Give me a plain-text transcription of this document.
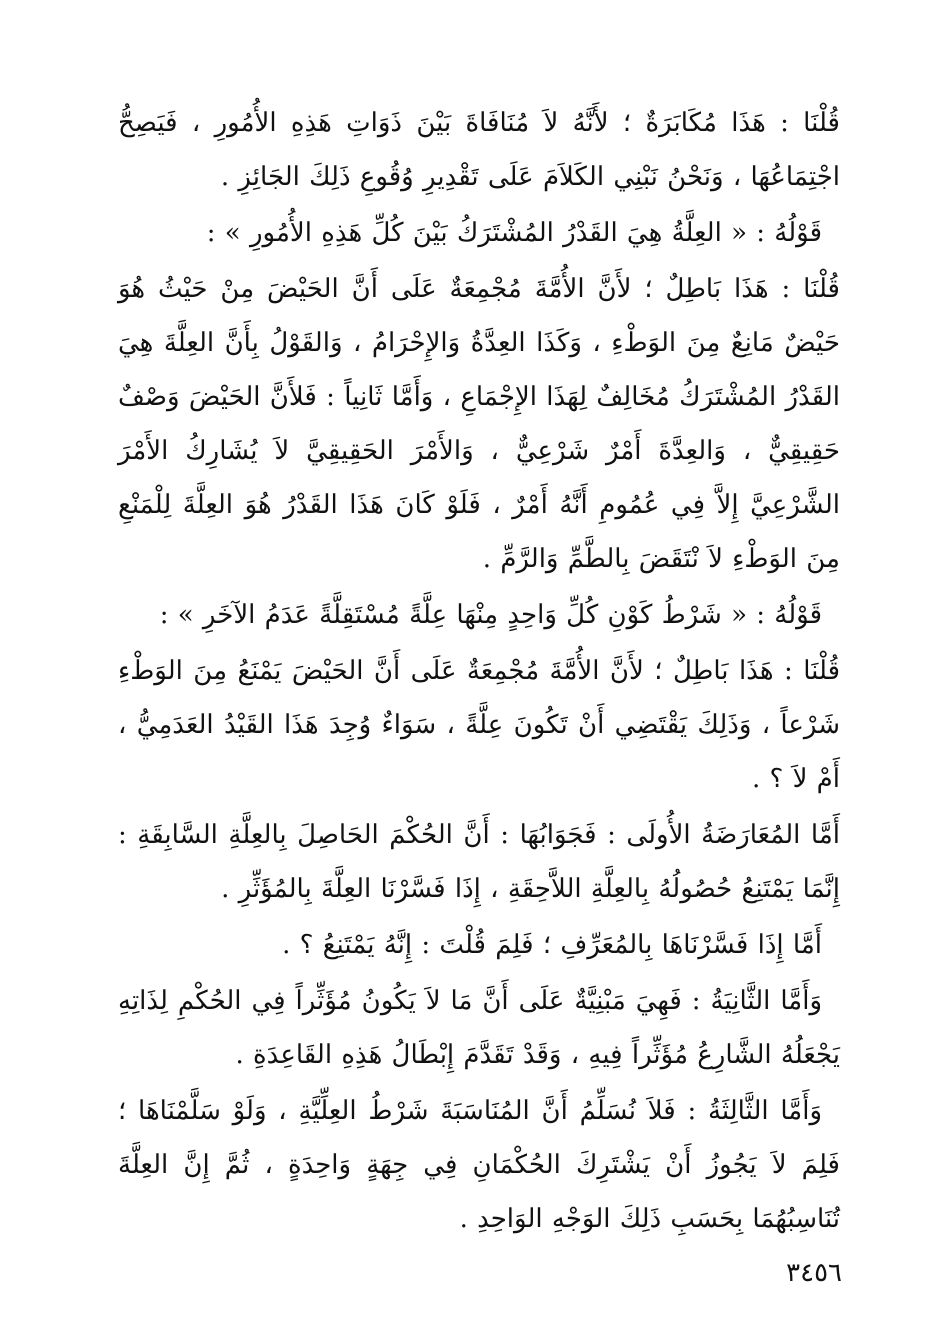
قُلْنَا : هَذَا مُكَابَرَةٌ ؛ لأَنَّهُ لاَ مُنَافَاةَ بَيْنَ ذَوَاتِ هَذِهِ الأُمُورِ ، فَيَصِحُّ اجْتِمَاعُهَا ، وَنَحْنُ نَبْنِي الكَلاَمَ عَلَى تَقْدِيرِ وُقُوعِ ذَلِكَ الجَائِزِ .

قَوْلُهُ : « العِلَّةُ هِيَ القَدْرُ المُشْتَرَكُ بَيْنَ كُلِّ هَذِهِ الأُمُورِ » :

قُلْنَا : هَذَا بَاطِلٌ ؛ لأَنَّ الأُمَّةَ مُجْمِعَةٌ عَلَى أَنَّ الحَيْضَ مِنْ حَيْثُ هُوَ حَيْضٌ مَانِعٌ مِنَ الوَطْءِ ، وَكَذَا العِدَّةُ وَالإِحْرَامُ ، وَالقَوْلُ بِأَنَّ العِلَّةَ هِيَ القَدْرُ المُشْتَرَكُ مُخَالِفٌ لِهَذَا الإِجْمَاعِ ، وَأَمَّا ثَانِياً : فَلأَنَّ الحَيْضَ وَصْفٌ حَقِيقِيٌّ ، وَالعِدَّةَ أَمْرٌ شَرْعِيٌّ ، وَالأَمْرَ الحَقِيقِيَّ لاَ يُشَارِكُ الأَمْرَ الشَّرْعِيَّ إِلاَّ فِي عُمُومِ أَنَّهُ أَمْرٌ ، فَلَوْ كَانَ هَذَا القَدْرُ هُوَ العِلَّةَ لِلْمَنْعِ مِنَ الوَطْءِ لاَ نْتَقَضَ بِالطَّمِّ وَالرَّمِّ .

قَوْلُهُ : « شَرْطُ كَوْنِ كُلِّ وَاحِدٍ مِنْهَا عِلَّةً مُسْتَقِلَّةً عَدَمُ الآخَرِ » :

قُلْنَا : هَذَا بَاطِلٌ ؛ لأَنَّ الأُمَّةَ مُجْمِعَةٌ عَلَى أَنَّ الحَيْضَ يَمْنَعُ مِنَ الوَطْءِ شَرْعاً ، وَذَلِكَ يَقْتَضِي أَنْ تَكُونَ عِلَّةً ، سَوَاءٌ وُجِدَ هَذَا القَيْدُ العَدَمِيُّ ، أَمْ لاَ ؟ .

أَمَّا المُعَارَضَةُ الأُولَى : فَجَوَابُهَا : أَنَّ الحُكْمَ الحَاصِلَ بِالعِلَّةِ السَّابِقَةِ : إِنَّمَا يَمْتَنِعُ حُصُولُهُ بِالعِلَّةِ اللاَّحِقَةِ ، إِذَا فَسَّرْنَا العِلَّةَ بِالمُؤَثِّرِ .

أَمَّا إِذَا فَسَّرْنَاهَا بِالمُعَرِّفِ ؛ فَلِمَ قُلْتَ : إِنَّهُ يَمْتَنِعُ ؟ .

وَأَمَّا الثَّانِيَةُ : فَهِيَ مَبْنِيَّةٌ عَلَى أَنَّ مَا لاَ يَكُونُ مُؤَثِّراً فِي الحُكْمِ لِذَاتِهِ يَجْعَلُهُ الشَّارِعُ مُؤَثِّراً فِيهِ ، وَقَدْ تَقَدَّمَ إِبْطَالُ هَذِهِ القَاعِدَةِ .

وَأَمَّا الثَّالِثَةُ : فَلاَ نُسَلِّمُ أَنَّ المُنَاسَبَةَ شَرْطُ العِلِّيَّةِ ، وَلَوْ سَلَّمْنَاهَا ؛ فَلِمَ لاَ يَجُوزُ أَنْ يَشْتَرِكَ الحُكْمَانِ فِي جِهَةٍ وَاحِدَةٍ ، ثُمَّ إِنَّ العِلَّةَ تُنَاسِبُهُمَا بِحَسَبِ ذَلِكَ الوَجْهِ الوَاحِدِ .

٣٤٥٦
